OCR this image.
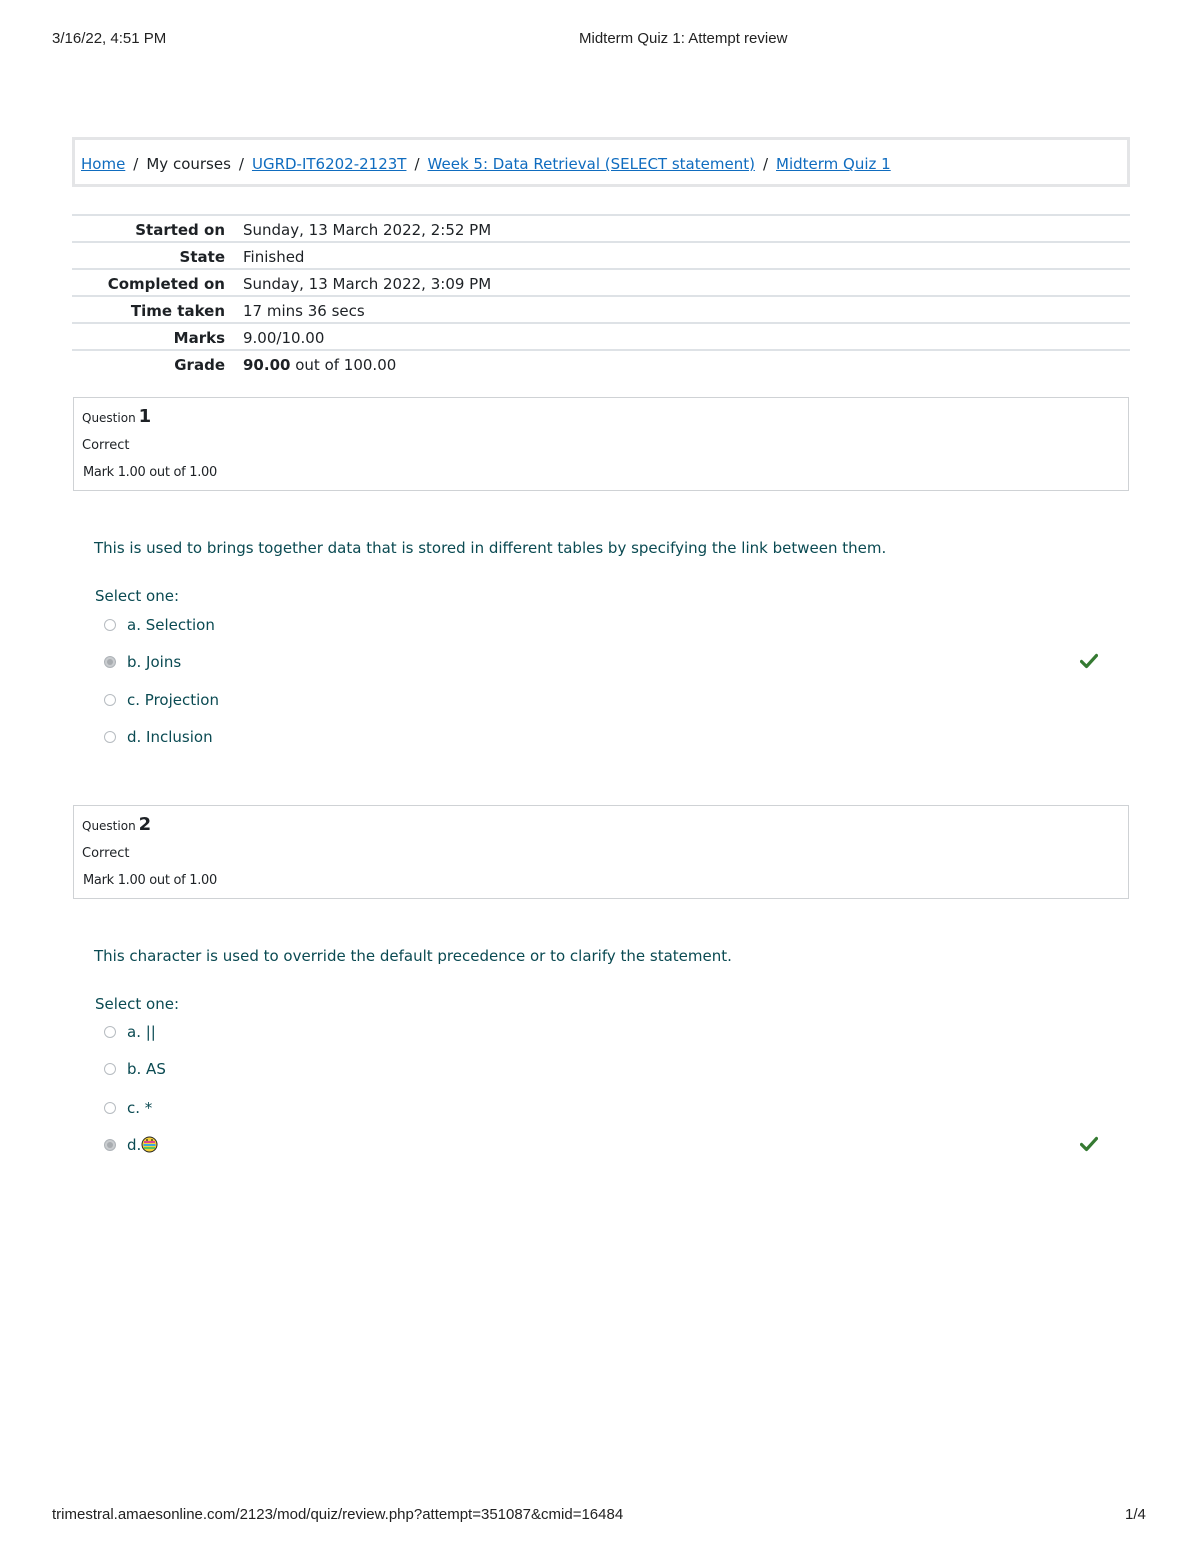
3/16/22, 4:51 PM	Midterm Quiz 1: Attempt review
Home / My courses / UGRD-IT6202-2123T / Week 5: Data Retrieval (SELECT statement) / Midterm Quiz 1
Started on Sunday, 13 March 2022, 2:52 PM
State Finished
Completed on Sunday, 13 March 2022, 3:09 PM
Time taken 17 mins 36 secs
Marks 9.00/10.00
Grade 90.00 out of 100.00
Question 1
Correct
Mark 1.00 out of 1.00
This is used to brings together data that is stored in different tables by specifying the link between them.
Select one:
a. Selection
b. Joins
c. Projection
d. Inclusion
Question 2
Correct
Mark 1.00 out of 1.00
This character is used to override the default precedence or to clarify the statement.
Select one:
a. ||
b. AS
c. *
d.
trimestral.amaesonline.com/2123/mod/quiz/review.php?attempt=351087&cmid=16484	1/4
